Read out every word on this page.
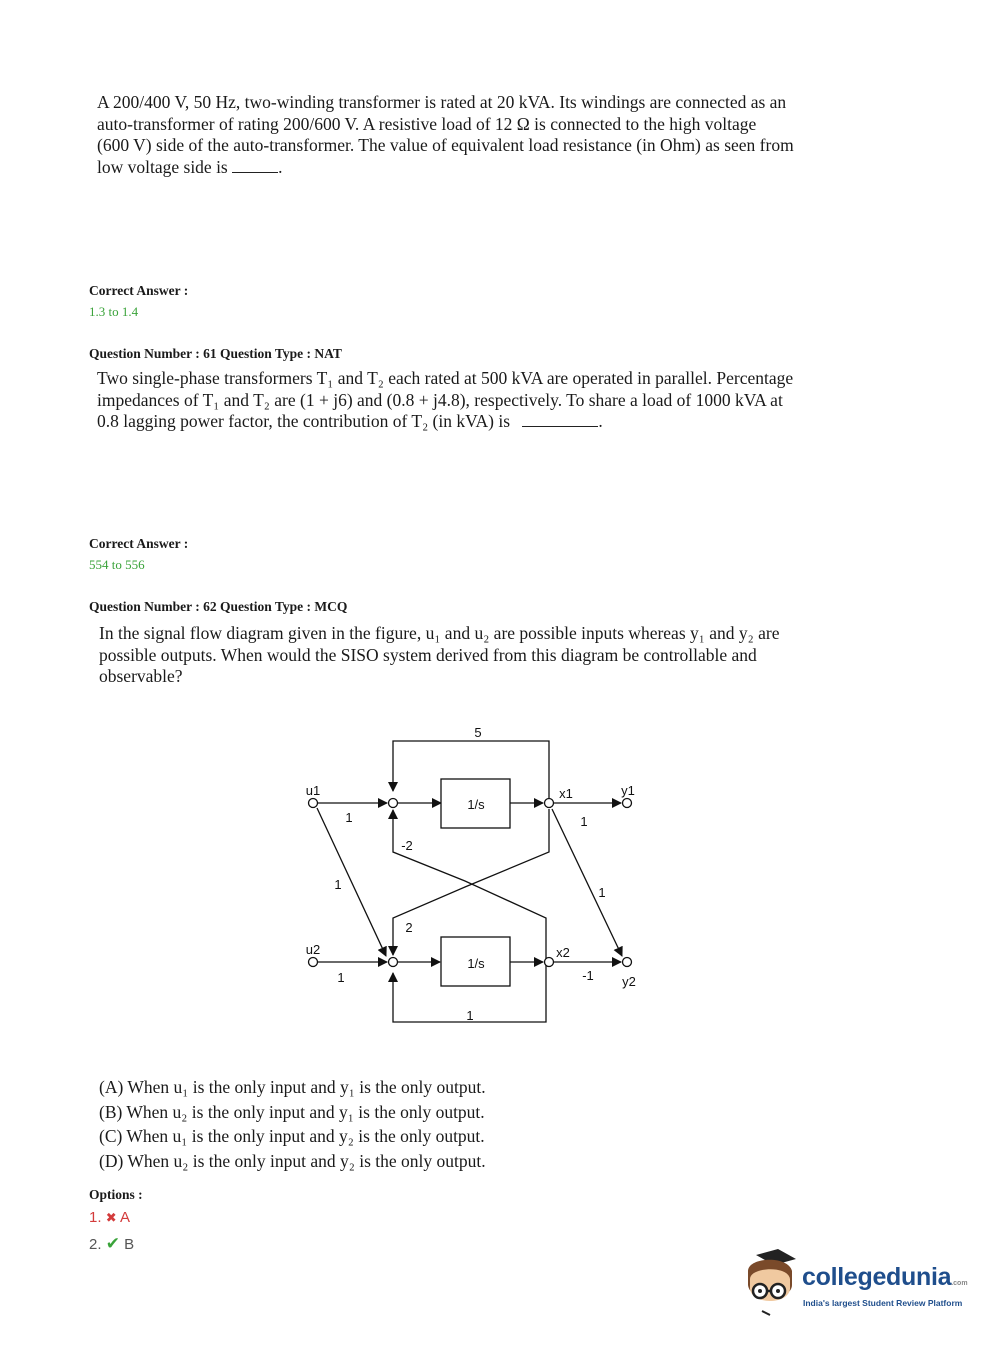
A 200/400 V, 50 Hz, two-winding transformer is rated at 20 kVA. Its windings are connected as an

auto-transformer of rating 200/600 V. A resistive load of 12 Ω is connected to the high voltage

(600 V) side of the auto-transformer. The value of equivalent load resistance (in Ohm) as seen from

low voltage side is	.

Correct Answer :
1.3 to 1.4
Question Number : 61 Question Type : NAT

Two single-phase transformers T₁ and T₂ each rated at 500 kVA are operated in parallel. Percentage

impedances of T₁ and T₂ are (1 + j6) and (0.8 + j4.8), respectively. To share a load of 1000 kVA at

0.8 lagging power factor, the contribution of T₂ (in kVA) is	.

Correct Answer :
554 to 556
Question Number : 62 Question Type : MCQ

In the signal flow diagram given in the figure, u₁ and u₂ are possible inputs whereas y₁ and y₂ are

possible outputs. When would the SISO system derived from this diagram be controllable and

observable?

1/s
1/s
u1	y1
x1
u2	x2
y2
5
1
1
-2
1
2
1
1
1
-1

(A) When u₁ is the only input and y₁ is the only output.

(B) When u₂ is the only input and y₁ is the only output.

(C) When u₁ is the only input and y₂ is the only output.

(D) When u₂ is the only input and y₂ is the only output.

Options :
1. ✖ A
2. ✔ B
collegedunia.com
India's largest Student Review Platform
